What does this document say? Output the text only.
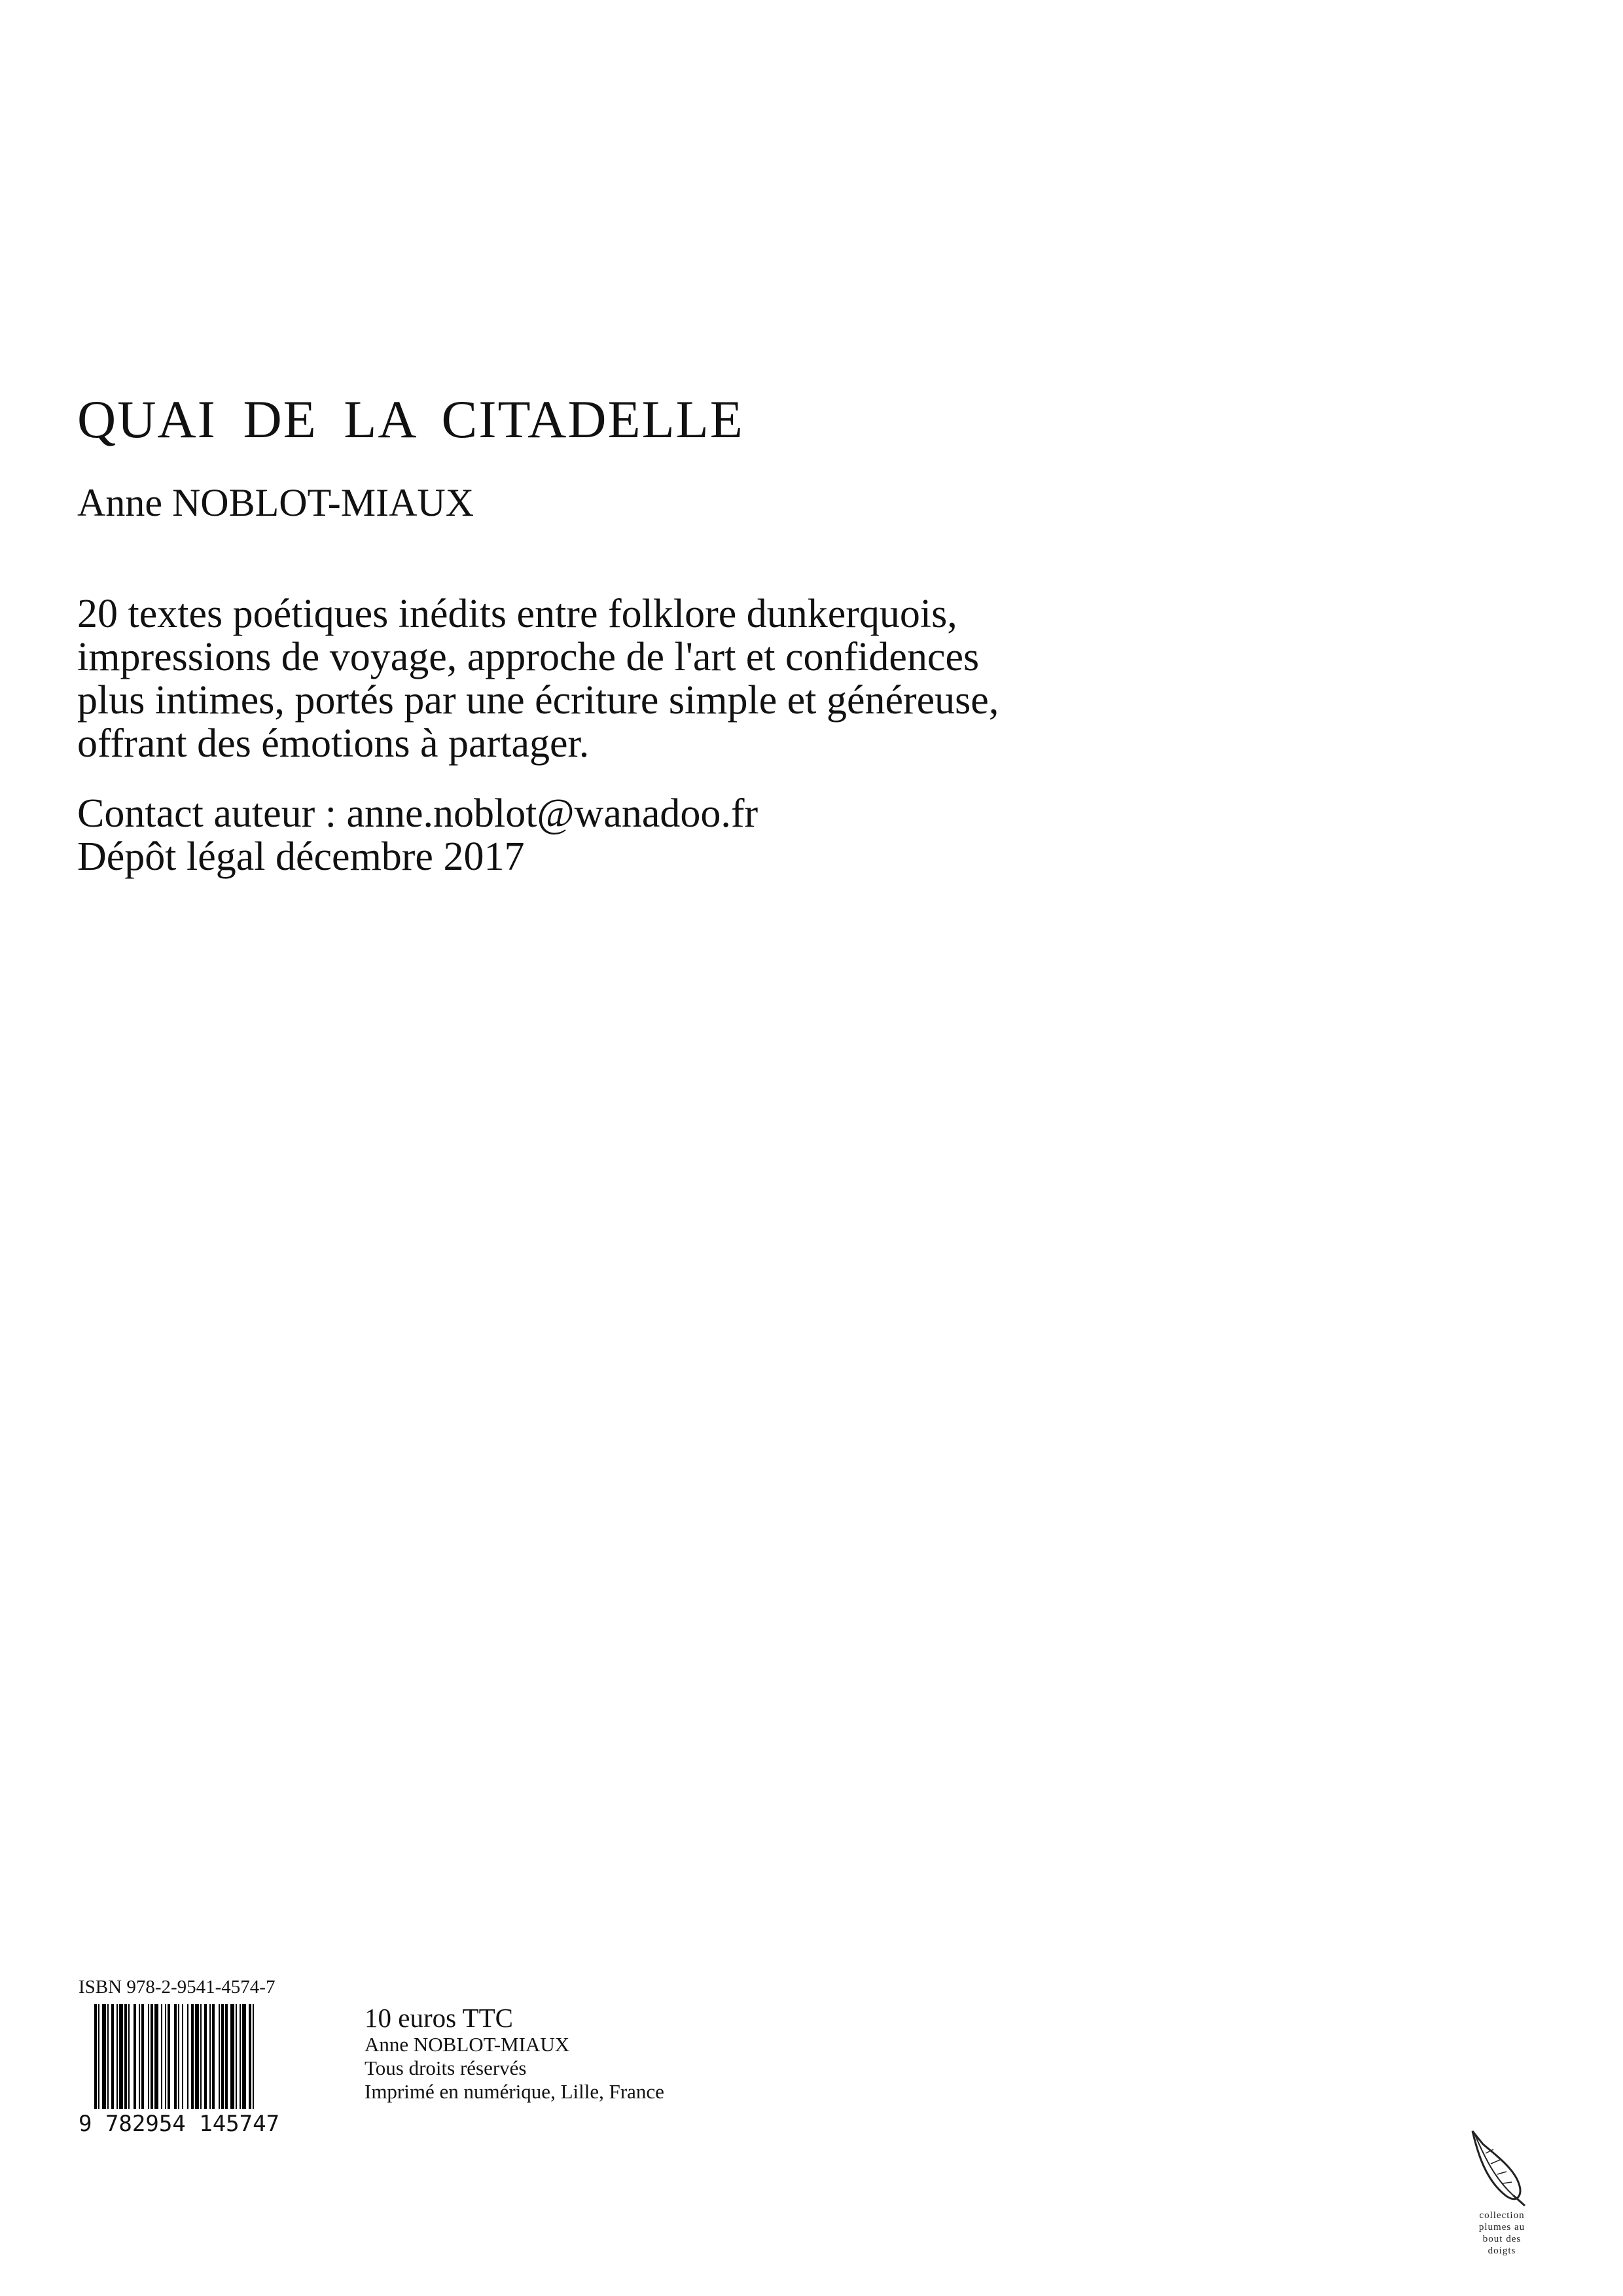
QUAI DE LA CITADELLE
Anne NOBLOT-MIAUX
20 textes poétiques inédits entre folklore dunkerquois,
impressions de voyage, approche de l'art et confidences
plus intimes, portés par une écriture simple et généreuse,
offrant des émotions à partager.
Contact auteur : anne.noblot@wanadoo.fr
Dépôt légal décembre 2017
ISBN 978-2-9541-4574-7
9 782954 145747
10 euros TTC
Anne NOBLOT-MIAUX
Tous droits réservés
Imprimé en numérique, Lille, France
collection
plumes au
bout des
doigts
